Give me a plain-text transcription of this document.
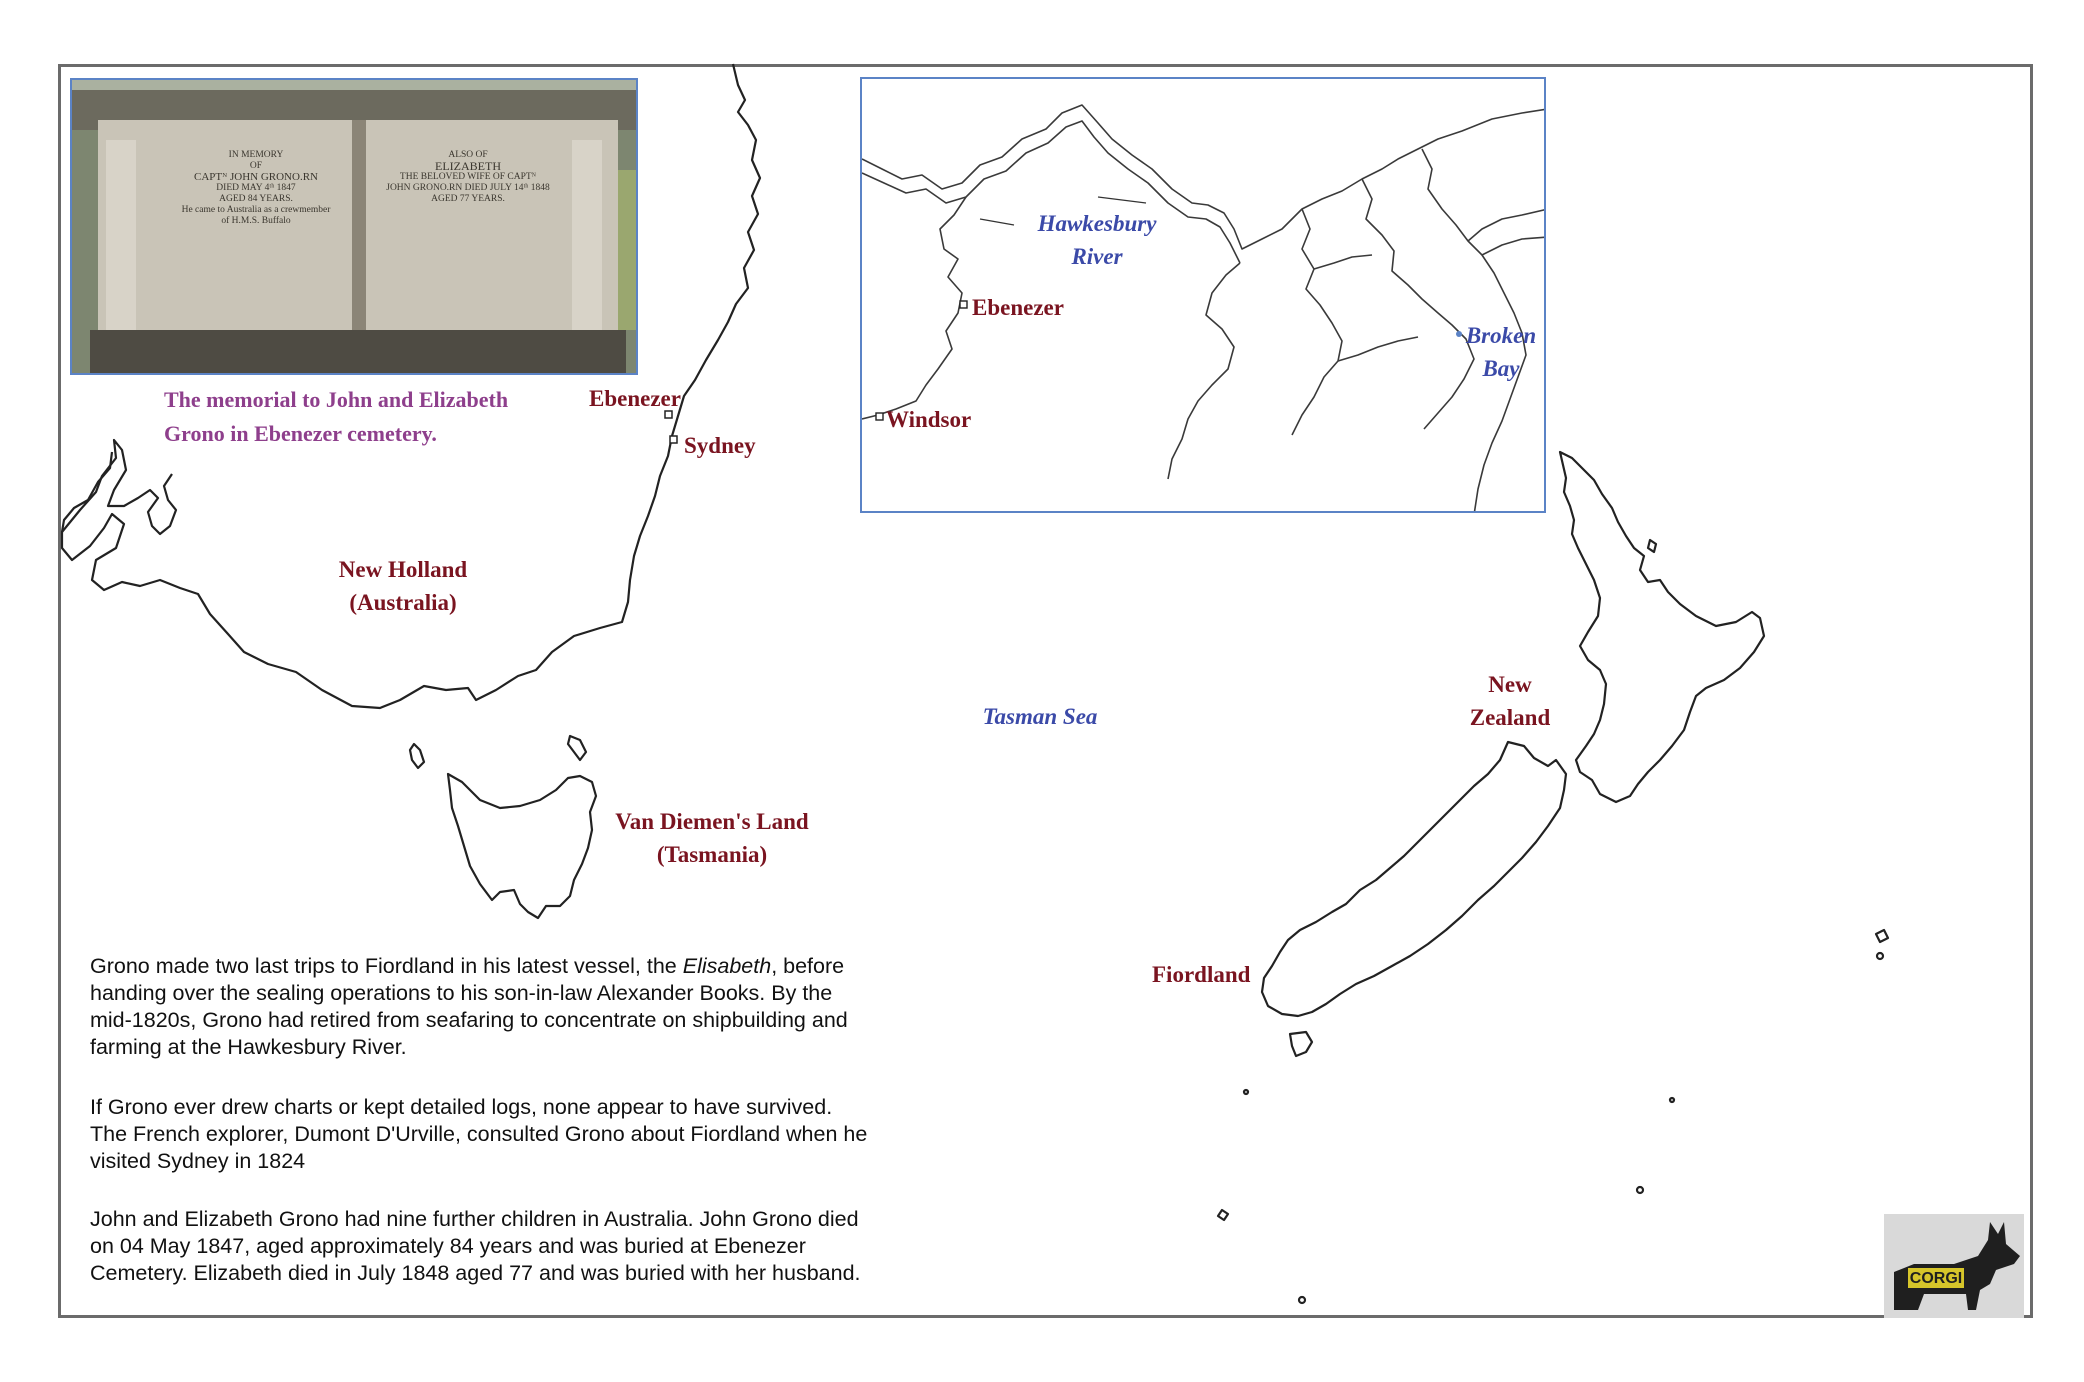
IN MEMORY
OF
CAPTᴺ JOHN GRONO.RN
DIED MAY 4ᵗʰ 1847
AGED 84 YEARS.
He came to Australia as a crewmember
of H.M.S. Buffalo
ALSO OF
ELIZABETH
THE BELOVED WIFE OF CAPTᴺ
JOHN GRONO.RN DIED JULY 14ᵗʰ 1848
AGED 77 YEARS.
The memorial to John and Elizabeth
Grono in Ebenezer cemetery.
Ebenezer
Sydney
New Holland
(Australia)
Van Diemen's Land
(Tasmania)
Tasman Sea
New
Zealand
Fiordland
Hawkesbury
River
Ebenezer
Windsor
Broken
Bay
Grono made two last trips to Fiordland in his latest vessel, the Elisabeth, before handing over the sealing operations to his son-in-law Alexander Books. By the mid-1820s, Grono had retired from seafaring to concentrate on shipbuilding and farming at the Hawkesbury River.
If Grono ever drew charts or kept detailed logs, none appear to have survived. The French explorer, Dumont D'Urville, consulted Grono about Fiordland when he visited Sydney in 1824
John and Elizabeth Grono had nine further children in Australia. John Grono died on 04 May 1847, aged approximately 84 years and was buried at Ebenezer Cemetery. Elizabeth died in July 1848 aged 77 and was buried with her husband.	CORGI
